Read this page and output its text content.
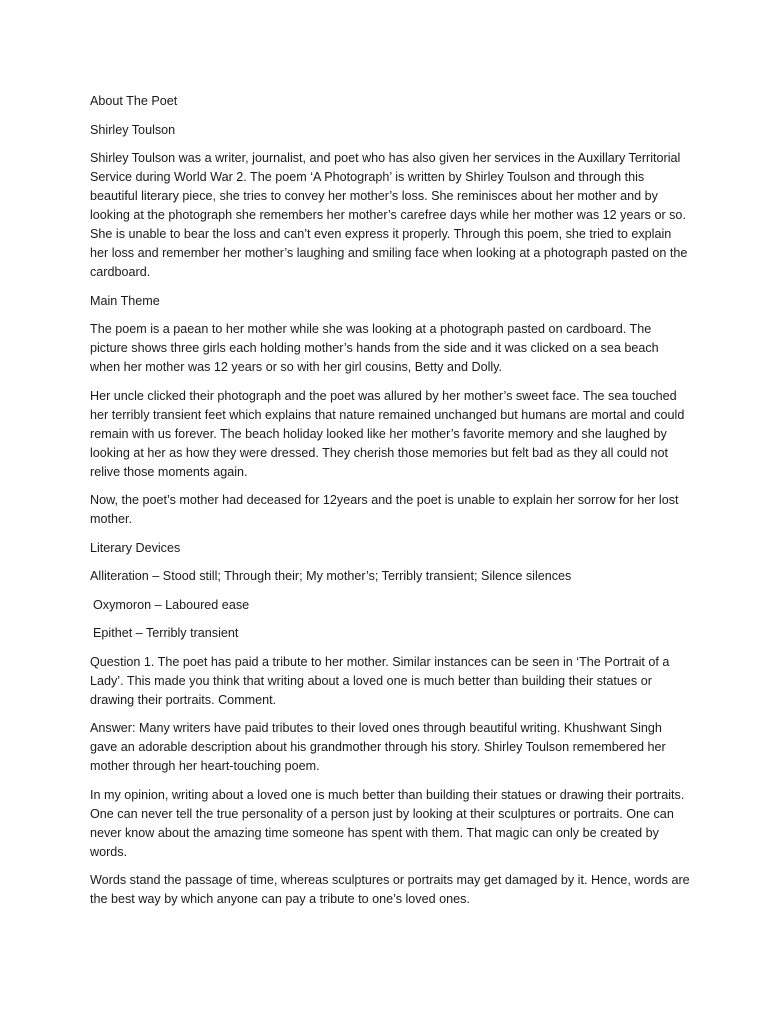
About The Poet

Shirley Toulson

Shirley Toulson was a writer, journalist, and poet who has also given her services in the Auxillary Territorial Service during World War 2. The poem ‘A Photograph’ is written by Shirley Toulson and through this beautiful literary piece, she tries to convey her mother’s loss. She reminisces about her mother and by looking at the photograph she remembers her mother’s carefree days while her mother was 12 years or so. She is unable to bear the loss and can’t even express it properly. Through this poem, she tried to explain her loss and remember her mother’s laughing and smiling face when looking at a photograph pasted on the cardboard.

Main Theme

The poem is a paean to her mother while she was looking at a photograph pasted on cardboard. The picture shows three girls each holding mother’s hands from the side and it was clicked on a sea beach when her mother was 12 years or so with her girl cousins, Betty and Dolly.

Her uncle clicked their photograph and the poet was allured by her mother’s sweet face. The sea touched her terribly transient feet which explains that nature remained unchanged but humans are mortal and could remain with us forever. The beach holiday looked like her mother’s favorite memory and she laughed by looking at her as how they were dressed. They cherish those memories but felt bad as they all could not relive those moments again.

Now, the poet’s mother had deceased for 12years and the poet is unable to explain her sorrow for her lost mother.

Literary Devices

Alliteration – Stood still; Through their; My mother’s; Terribly transient; Silence silences

Oxymoron – Laboured ease

Epithet – Terribly transient

Question 1. The poet has paid a tribute to her mother. Similar instances can be seen in ‘The Portrait of a Lady’. This made you think that writing about a loved one is much better than building their statues or drawing their portraits. Comment.

Answer: Many writers have paid tributes to their loved ones through beautiful writing. Khushwant Singh gave an adorable description about his grandmother through his story. Shirley Toulson remembered her mother through her heart-touching poem.

In my opinion, writing about a loved one is much better than building their statues or drawing their portraits. One can never tell the true personality of a person just by looking at their sculptures or portraits. One can never know about the amazing time someone has spent with them. That magic can only be created by words.

Words stand the passage of time, whereas sculptures or portraits may get damaged by it. Hence, words are the best way by which anyone can pay a tribute to one’s loved ones.
